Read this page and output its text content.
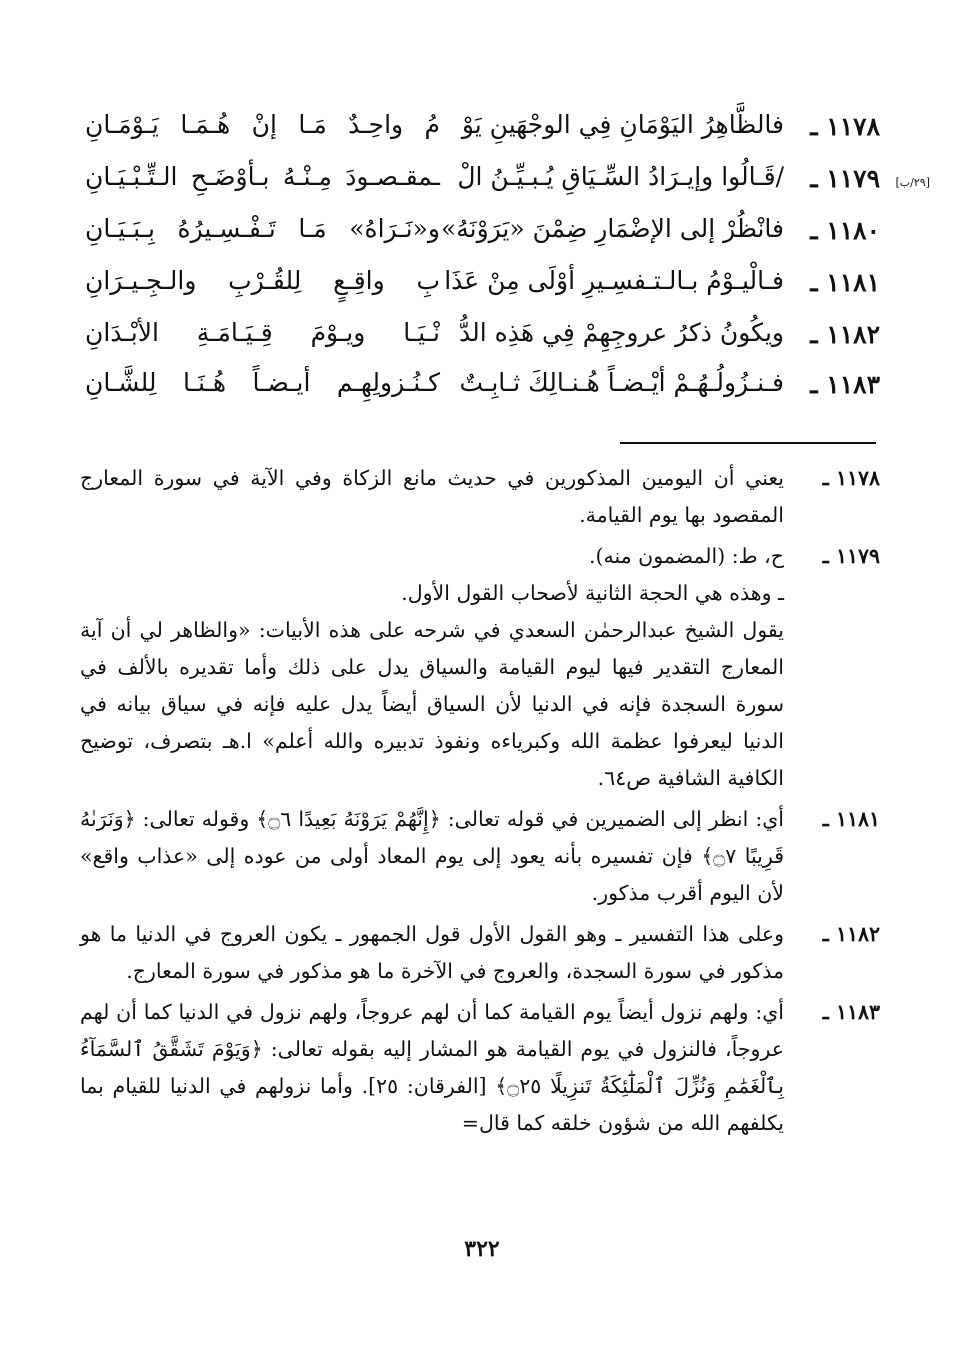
[٢٩/ب]
١١٧٨ ـ
فالظَّاهِرُ اليَوْمَانِ فِي الوجْهَينِ يَوْ
مُ واحِـدٌ مَـا إنْ هُـمَـا يَـوْمَـانِ
١١٧٩ ـ
/قَـالُوا وإيـرَادُ السِّـيَاقِ يُـبـيِّـنُ الْ
ـمقـصـودَ مِـنْـهُ بـأوْضَـحِ الـتِّـبْـيَـانِ
١١٨٠ ـ
فانْظُرْ إلى الإضْمَارِ ضِمْنَ «يَرَوْنَهُ»
و«نَـرَاهُ» مَـا تَـفْـسِـيرُهُ بِـبَـيَـانِ
١١٨١ ـ
فـالْيـوْمُ بـالـتـفسِـيرِ أوْلَى مِنْ عَذَا
بِ واقِـعٍ لِلقُـرْبِ والـجِـيـرَانِ
١١٨٢ ـ
ويكُونُ ذكرُ عروجِهِمْ فِي هَذِه الدُّ
نْـيَـا ويـوْمَ قِـيَـامَـةِ الأبْـدَانِ
١١٨٣ ـ
فـنـزُولُـهُـمْ أيْـضـاً هُـنـالِكَ ثـابِـتٌ
كـنُـزولِهِـم أيـضـاً هُـنَـا لِلشَّـانِ
١١٧٨ ـ

يعني أن اليومين المذكورين في حديث مانع الزكاة وفي الآية في سورة المعارج المقصود بها يوم القيامة.

١١٧٩ ـ

ح، ط: (المضمون منه).

ـ وهذه هي الحجة الثانية لأصحاب القول الأول.

يقول الشيخ عبدالرحمٰن السعدي في شرحه على هذه الأبيات: «والظاهر لي أن آية المعارج التقدير فيها ليوم القيامة والسياق يدل على ذلك وأما تقديره بالألف في سورة السجدة فإنه في الدنيا لأن السياق أيضاً يدل عليه فإنه في سياق بيانه في الدنيا ليعرفوا عظمة الله وكبرياءه ونفوذ تدبيره والله أعلم» ا.هـ بتصرف، توضيح الكافية الشافية ص٦٤.

١١٨١ ـ

أي: انظر إلى الضميرين في قوله تعالى: ﴿إِنَّهُمْ يَرَوْنَهُ بَعِيدًا ۝٦﴾ وقوله تعالى: ﴿وَنَرَىٰهُ قَرِيبًا ۝٧﴾ فإن تفسيره بأنه يعود إلى يوم المعاد أولى من عوده إلى «عذاب واقع» لأن اليوم أقرب مذكور.

١١٨٢ ـ

وعلى هذا التفسير ـ وهو القول الأول قول الجمهور ـ يكون العروج في الدنيا ما هو مذكور في سورة السجدة، والعروج في الآخرة ما هو مذكور في سورة المعارج.

١١٨٣ ـ

أي: ولهم نزول أيضاً يوم القيامة كما أن لهم عروجاً، ولهم نزول في الدنيا كما أن لهم عروجاً، فالنزول في يوم القيامة هو المشار إليه بقوله تعالى: ﴿وَيَوْمَ تَشَقَّقُ ٱلسَّمَآءُ بِٱلْغَمَٰمِ وَنُزِّلَ ٱلْمَلَٰٓئِكَةُ تَنزِيلًا ۝٢٥﴾ [الفرقان: ٢٥]. وأما نزولهم في الدنيا للقيام بما يكلفهم الله من شؤون خلقه كما قال=

٣٢٢
